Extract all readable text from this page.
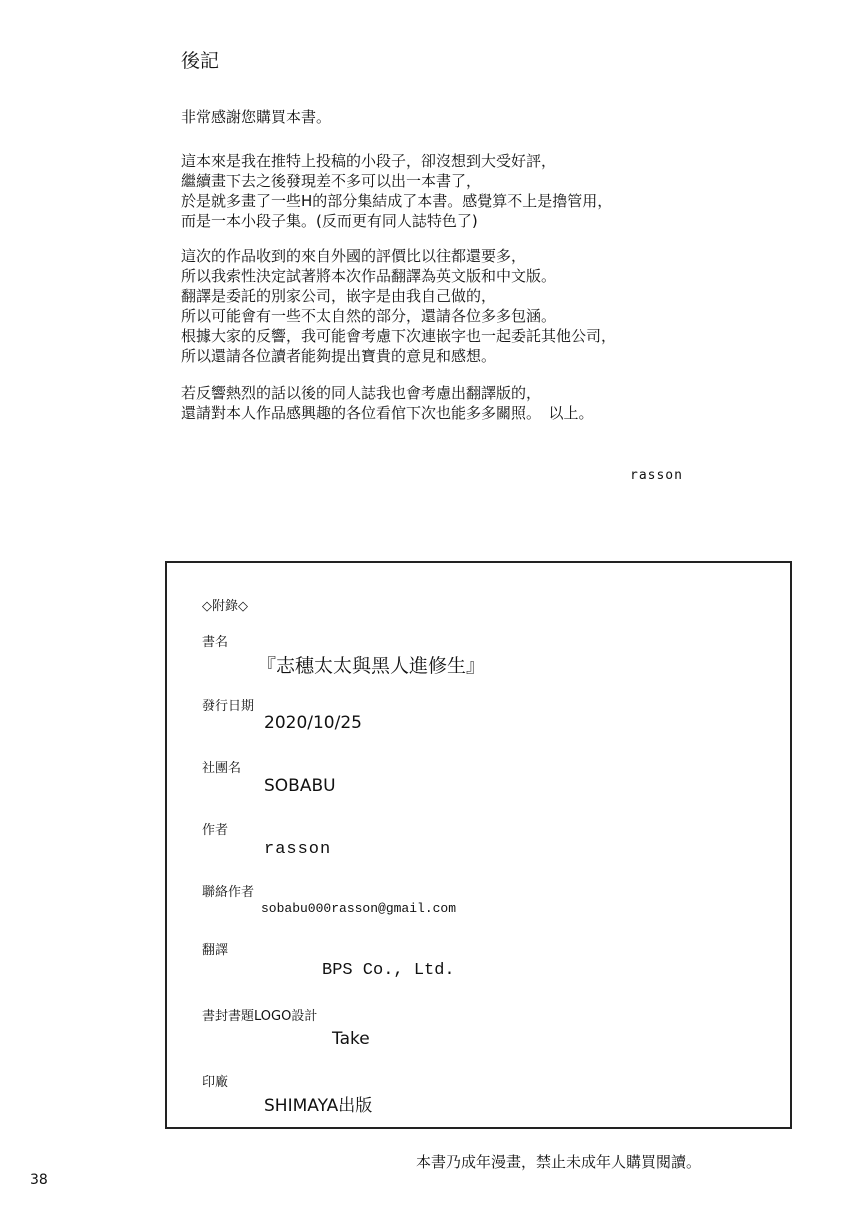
後記
非常感謝您購買本書。
這本來是我在推特上投稿的小段子，卻沒想到大受好評，
繼續畫下去之後發現差不多可以出一本書了，
於是就多畫了一些H的部分集結成了本書。感覺算不上是擼管用，
而是一本小段子集。(反而更有同人誌特色了)
這次的作品收到的來自外國的評價比以往都還要多，
所以我索性決定試著將本次作品翻譯為英文版和中文版。
翻譯是委託的別家公司，嵌字是由我自己做的，
所以可能會有一些不太自然的部分，還請各位多多包涵。
根據大家的反響，我可能會考慮下次連嵌字也一起委託其他公司，
所以還請各位讀者能夠提出寶貴的意見和感想。
若反響熱烈的話以後的同人誌我也會考慮出翻譯版的，
還請對本人作品感興趣的各位看倌下次也能多多關照。　以上。
rasson
◇附錄◇
書名
『志穗太太與黑人進修生』
發行日期
2020/10/25
社團名
SOBABU
作者
rasson
聯絡作者
sobabu000rasson@gmail.com
翻譯
BPS Co., Ltd.
書封書題LOGO設計
Take
印廠
SHIMAYA出版
本書乃成年漫畫，禁止未成年人購買閱讀。
38
